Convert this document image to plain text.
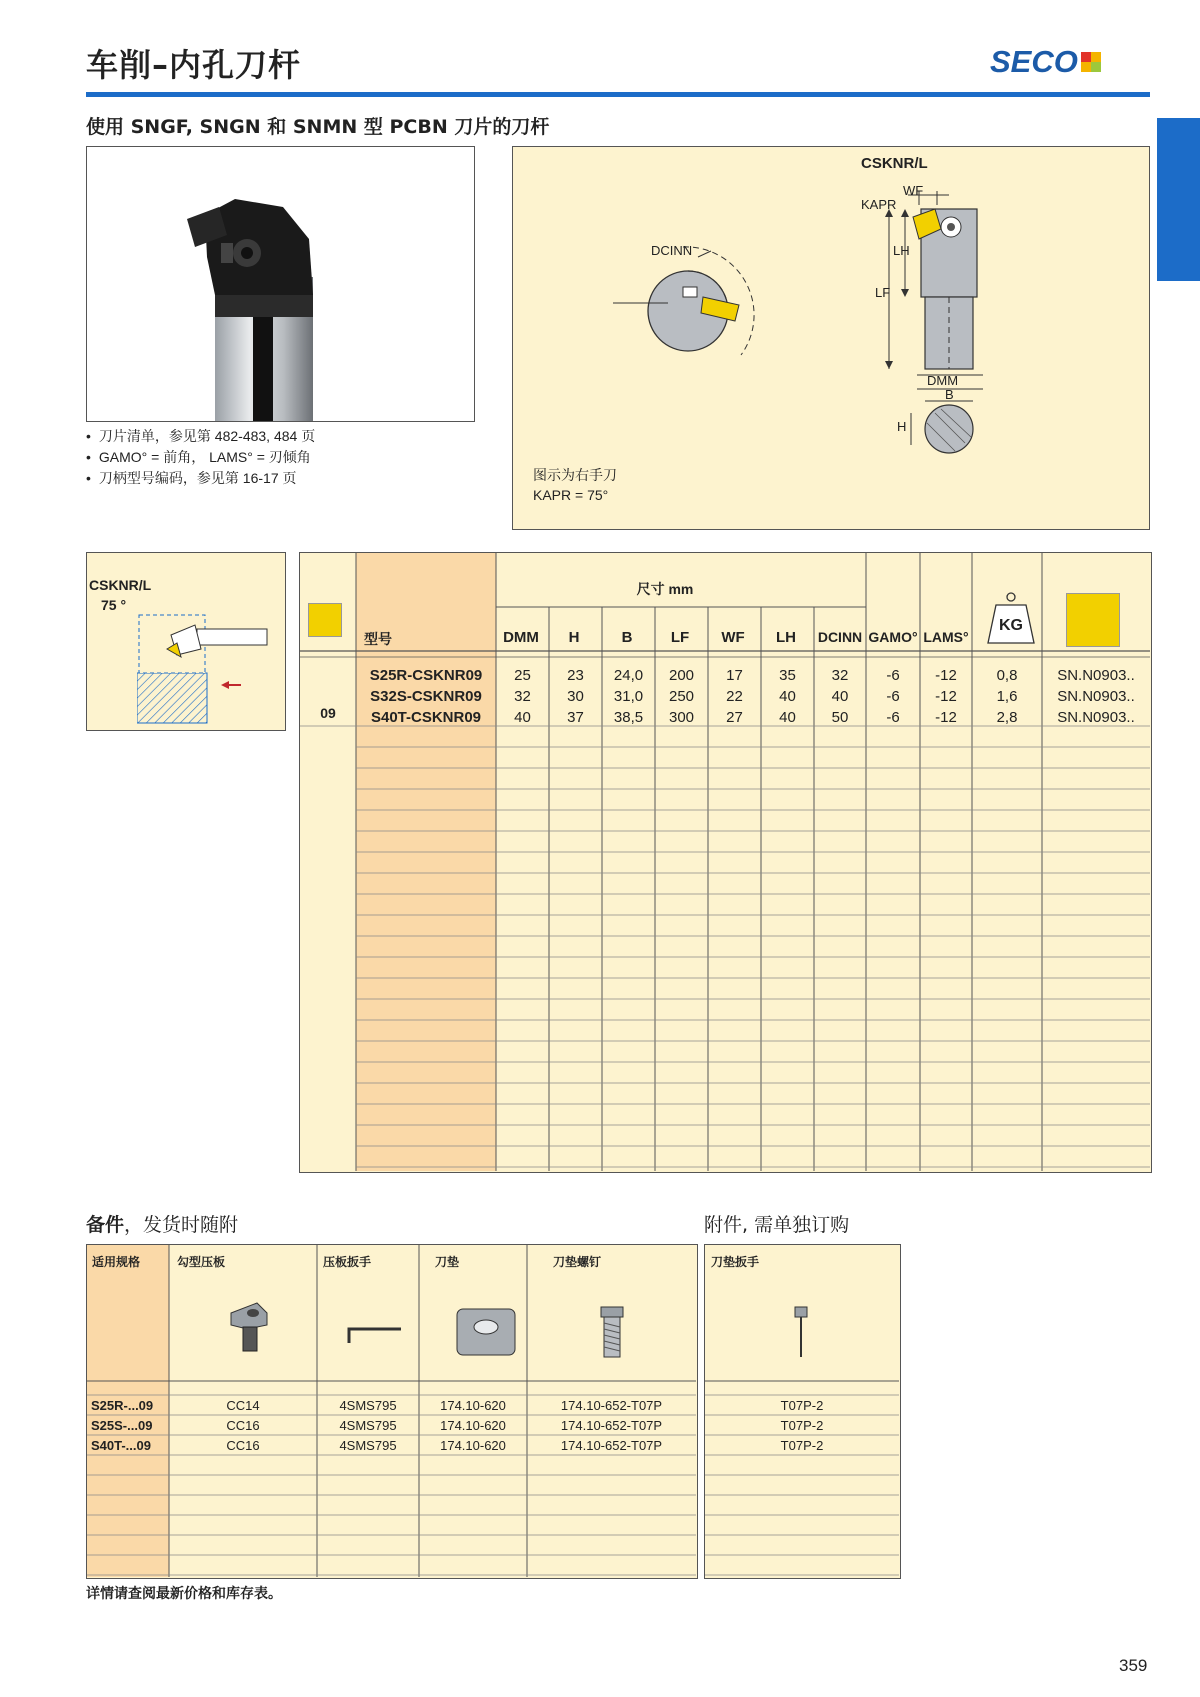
车削–内孔刀杆	SECO
使用 SNGF, SNGN 和 SNMN 型 PCBN 刀片的刀杆
• 刀片清单，参见第 482-483, 484 页
• GAMO° = 前角， LAMS° = 刃倾角
• 刀柄型号编码，参见第 16-17 页
CSKNR/L
WF
KAPR
LH
LF
DCINN
DMM
B
H
图示为右手刀
KAPR = 75°
CSKNR/L
75 °
尺寸 mm
型号	DMM	H	B	LF	WF	LH	DCINN GAMO° LAMS°
KG
09
S25R-CSKNR09	25	23	24,0	200	17	35	32	-6	-12	0,8	SN.N0903..
S32S-CSKNR09	32	30	31,0	250	22	40	40	-6	-12	1,6	SN.N0903..
S40T-CSKNR09	40	37	38,5	300	27	40	50	-6	-12	2,8	SN.N0903..
备件，发货时随附	附件, 需单独订购
适用规格	勾型压板	压板扳手	刀垫	刀垫螺钉
S25R-...09	CC14	4SMS795	174.10-620	174.10-652-T07P
S25S-...09	CC16	4SMS795	174.10-620	174.10-652-T07P
S40T-...09	CC16	4SMS795	174.10-620	174.10-652-T07P
刀垫扳手
T07P-2
T07P-2
T07P-2
详情请查阅最新价格和库存表。
359
